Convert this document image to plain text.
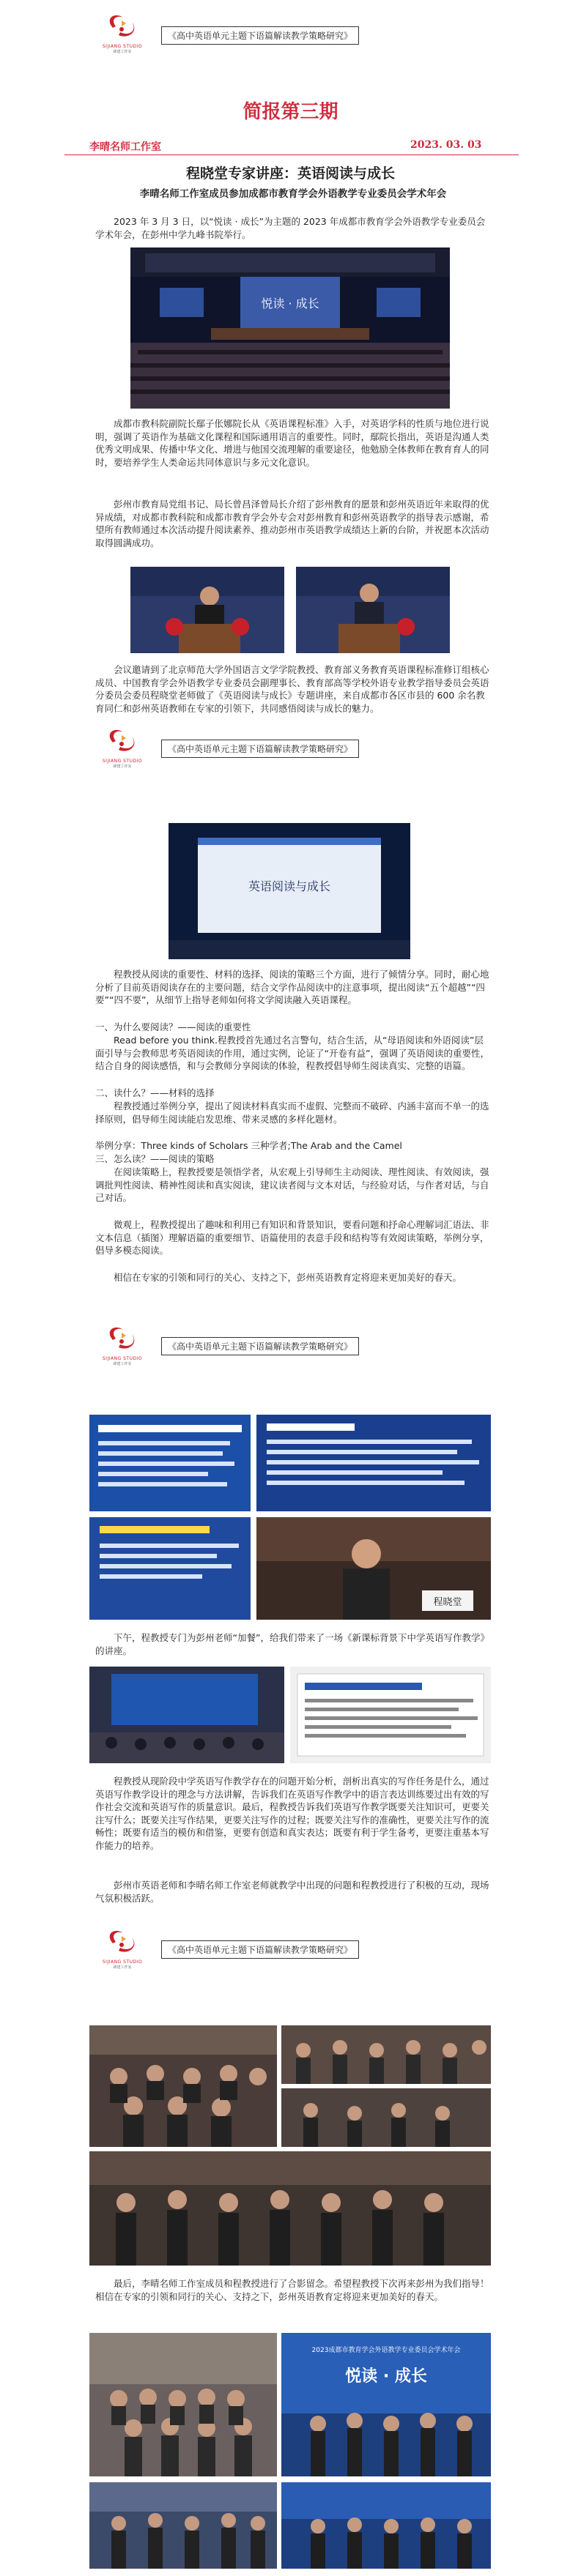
SIJIANG STUDIO
肆建工作室
《高中英语单元主题下语篇解读教学策略研究》
简报第三期
李晴名师工作室	2023. 03. 03
程晓堂专家讲座：英语阅读与成长
李晴名师工作室成员参加成都市教育学会外语教学专业委员会学术年会
2023 年 3 月 3 日，以“悦读 · 成长”为主题的 2023 年成都市教育学会外语教学专业委员会学术年会，在彭州中学九峰书院举行。
悦读 · 成长
成都市教科院副院长鄢子伥娜院长从《英语课程标准》入手，对英语学科的性质与地位进行说明，强调了英语作为基础文化课程和国际通用语言的重要性。同时，鄢院长指出，英语是沟通人类优秀文明成果、传播中华文化、增进与他国交流理解的重要途径，他勉励全体教师在教育育人的同时，要培养学生人类命运共同体意识与多元文化意识。
彭州市教育局党组书记、局长曾昌泽曾局长介绍了彭州教育的愿景和彭州英语近年来取得的优异成绩，对成都市教科院和成都市教育学会外专会对彭州教育和彭州英语教学的指导表示感谢，希望所有教师通过本次活动提升阅读素养、推动彭州市英语教学成绩达上新的台阶，并祝愿本次活动取得圆满成功。
会议邀请到了北京师范大学外国语言文学学院教授、教育部义务教育英语课程标准修订组核心成员、中国教育学会外语教学专业委员会副理事长、教育部高等学校外语专业教学指导委员会英语分委员会委员程晓堂老师做了《英语阅读与成长》专题讲座，来自成都市各区市县的 600 余名教育同仁和彭州英语教师在专家的引领下，共同感悟阅读与成长的魅力。
SIJIANG STUDIO
肆建工作室
《高中英语单元主题下语篇解读教学策略研究》
英语阅读与成长
程教授从阅读的重要性、材料的选择、阅读的策略三个方面，进行了倾情分享。同时，耐心地分析了目前英语阅读存在的主要问题，结合文学作品阅读中的注意事项，提出阅读“五个超越”“四要”“四不要”，从细节上指导老师如何将文学阅读融入英语课程。
一、为什么要阅读？——阅读的重要性
Read before you think.程教授首先通过名言警句，结合生活，从“母语阅读和外语阅读”层面引导与会教师思考英语阅读的作用，通过实例，论证了“开卷有益”，强调了英语阅读的重要性，结合自身的阅读感悟，和与会教师分享阅读的体验，程教授倡导师生阅读真实、完整的语篇。
二、读什么？——材料的选择
程教授通过举例分享，提出了阅读材料真实而不虚假、完整而不破碎、内涵丰富而不单一的选择原则，倡导师生阅读能启发思维、带来灵感的多样化题材。
举例分享：Three kinds of Scholars 三种学者;The Arab and the Camel
三、怎么读？——阅读的策略
在阅读策略上，程教授要是领悟学者，从宏观上引导师生主动阅读、理性阅读、有效阅读，强调批判性阅读、精神性阅读和真实阅读，建议读者阅与文本对话，与经验对话，与作者对话，与自己对话。
微观上，程教授提出了趣味和利用已有知识和背景知识，要看问题和抒命心理解词汇语法、非文本信息（插图）理解语篇的重要细节、语篇使用的表意手段和结构等有效阅读策略，举例分享，倡导多模态阅读。
相信在专家的引领和同行的关心、支持之下，彭州英语教育定将迎来更加美好的春天。
SIJIANG STUDIO
肆建工作室
《高中英语单元主题下语篇解读教学策略研究》
程晓堂
下午，程教授专门为彭州老师“加餐”，给我们带来了一场《新课标背景下中学英语写作教学》的讲座。
程教授从现阶段中学英语写作教学存在的问题开始分析，剖析出真实的写作任务是什么，通过英语写作教学设计的理念与方法讲解，告诉我们在英语写作教学中的语言表达训练要过出有效的写作社会交流和英语写作的质量意识。最后，程教授告诉我们英语写作教学既要关注知识可，更要关注写什么；既要关注写作结果，更要关注写作的过程；既要关注写作的准确性，更要关注写作的流畅性；既要有适当的模仿和借鉴，更要有创造和真实表达；既要有利于学生备考，更要注重基本写作能力的培养。
彭州市英语老师和李晴名师工作室老师就教学中出现的问题和程教授进行了积极的互动，现场气氛积极活跃。
SIJIANG STUDIO
肆建工作室
《高中英语单元主题下语篇解读教学策略研究》
最后，李晴名师工作室成员和程教授进行了合影留念。希望程教授下次再来彭州为我们指导！相信在专家的引领和同行的关心、支持之下，彭州英语教育定将迎来更加美好的春天。
2023成都市教育学会外语教学专业委员会学术年会
悦读 · 成长
